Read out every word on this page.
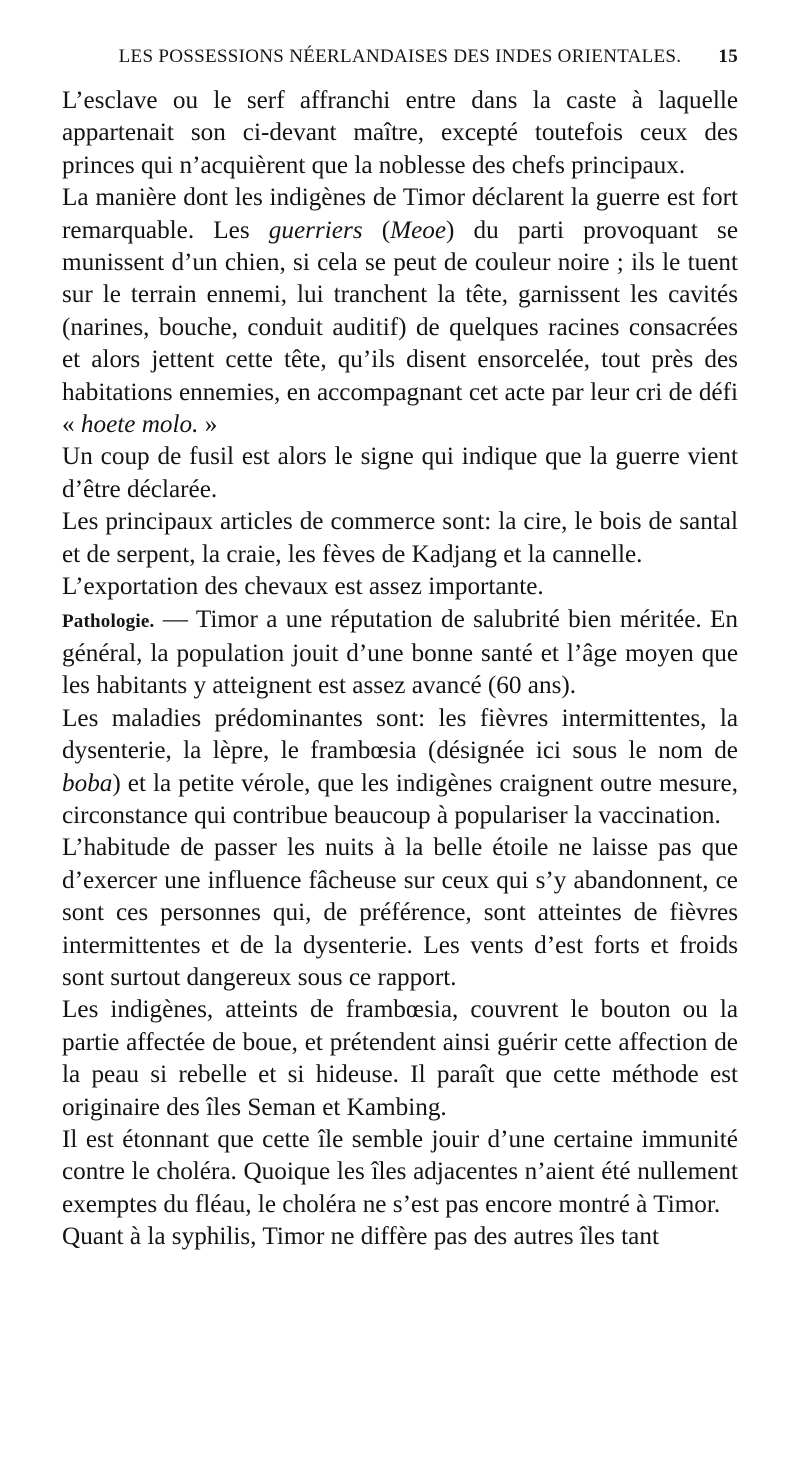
LES POSSESSIONS NÉERLANDAISES DES INDES ORIENTALES.	15

L’esclave ou le serf affranchi entre dans la caste à laquelle appartenait son ci-devant maître, excepté toutefois ceux des princes qui n’acquièrent que la noblesse des chefs principaux.

La manière dont les indigènes de Timor déclarent la guerre est fort remarquable. Les guerriers (Meoe) du parti provoquant se munissent d’un chien, si cela se peut de couleur noire ; ils le tuent sur le terrain ennemi, lui tranchent la tête, garnissent les cavités (narines, bouche, conduit auditif) de quelques racines consacrées et alors jettent cette tête, qu’ils disent ensorcelée, tout près des habitations ennemies, en accompagnant cet acte par leur cri de défi « hoete molo. »

Un coup de fusil est alors le signe qui indique que la guerre vient d’être déclarée.

Les principaux articles de commerce sont: la cire, le bois de santal et de serpent, la craie, les fèves de Kadjang et la cannelle.

L’exportation des chevaux est assez importante.

Pathologie. — Timor a une réputation de salubrité bien méritée. En général, la population jouit d’une bonne santé et l’âge moyen que les habitants y atteignent est assez avancé (60 ans).

Les maladies prédominantes sont: les fièvres intermittentes, la dysenterie, la lèpre, le frambœsia (désignée ici sous le nom de boba) et la petite vérole, que les indigènes craignent outre mesure, circonstance qui contribue beaucoup à populariser la vaccination.

L’habitude de passer les nuits à la belle étoile ne laisse pas que d’exercer une influence fâcheuse sur ceux qui s’y abandonnent, ce sont ces personnes qui, de préférence, sont atteintes de fièvres intermittentes et de la dysenterie. Les vents d’est forts et froids sont surtout dangereux sous ce rapport.

Les indigènes, atteints de frambœsia, couvrent le bouton ou la partie affectée de boue, et prétendent ainsi guérir cette affection de la peau si rebelle et si hideuse. Il paraît que cette méthode est originaire des îles Seman et Kambing.

Il est étonnant que cette île semble jouir d’une certaine immunité contre le choléra. Quoique les îles adjacentes n’aient été nullement exemptes du fléau, le choléra ne s’est pas encore montré à Timor.

Quant à la syphilis, Timor ne diffère pas des autres îles tant
